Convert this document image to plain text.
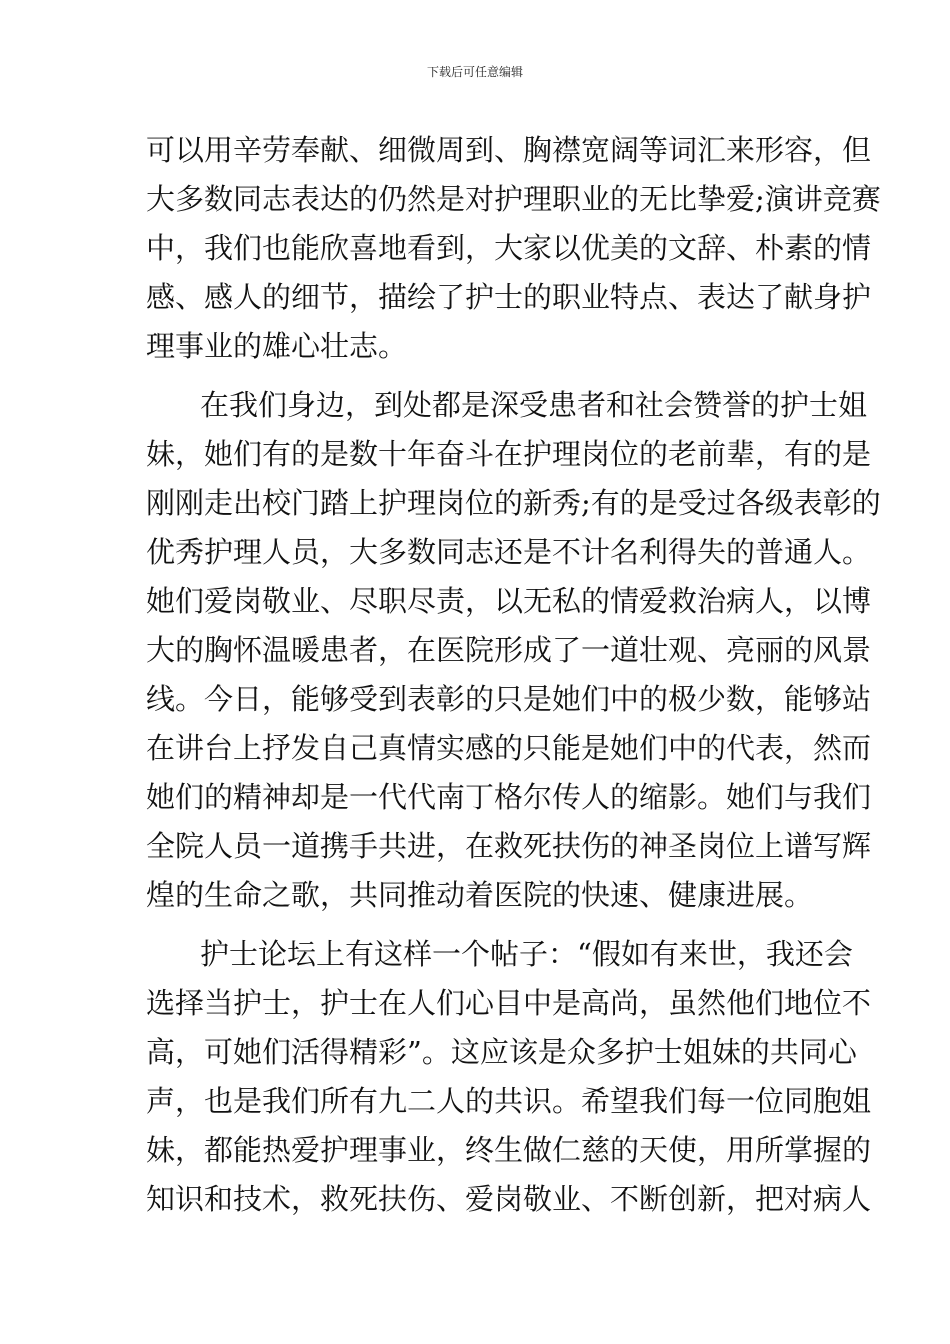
下载后可任意编辑
可以用辛劳奉献、细微周到、胸襟宽阔等词汇来形容，但
大多数同志表达的仍然是对护理职业的无比挚爱;演讲竞赛
中，我们也能欣喜地看到，大家以优美的文辞、朴素的情
感、感人的细节，描绘了护士的职业特点、表达了献身护
理事业的雄心壮志。
在我们身边，到处都是深受患者和社会赞誉的护士姐
妹，她们有的是数十年奋斗在护理岗位的老前辈，有的是
刚刚走出校门踏上护理岗位的新秀;有的是受过各级表彰的
优秀护理人员，大多数同志还是不计名利得失的普通人。
她们爱岗敬业、尽职尽责，以无私的情爱救治病人，以博
大的胸怀温暖患者，在医院形成了一道壮观、亮丽的风景
线。今日，能够受到表彰的只是她们中的极少数，能够站
在讲台上抒发自己真情实感的只能是她们中的代表，然而
她们的精神却是一代代南丁格尔传人的缩影。她们与我们
全院人员一道携手共进，在救死扶伤的神圣岗位上谱写辉
煌的生命之歌，共同推动着医院的快速、健康进展。
护士论坛上有这样一个帖子：“假如有来世，我还会
选择当护士，护士在人们心目中是高尚，虽然他们地位不
高，可她们活得精彩”。这应该是众多护士姐妹的共同心
声，也是我们所有九二人的共识。希望我们每一位同胞姐
妹，都能热爱护理事业，终生做仁慈的天使，用所掌握的
知识和技术，救死扶伤、爱岗敬业、不断创新，把对病人
